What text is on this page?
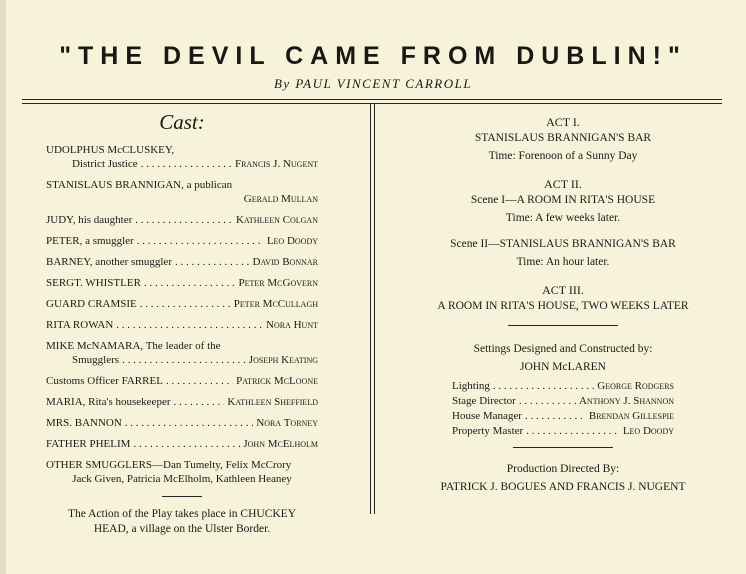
"THE DEVIL CAME FROM DUBLIN!"
By PAUL VINCENT CARROLL
Cast:
UDOLPHUS McCLUSKEY,
District Justice . . .	Francis J. Nugent
STANISLAUS BRANNIGAN, a publican
Gerald Mullan
JUDY, his daughter . . .	Kathleen Colgan
PETER, a smuggler . . .	Leo Doody
BARNEY, another smuggler . . .	David Bonnar
SERGT. WHISTLER . . .	Peter McGovern
GUARD CRAMSIE . . .	Peter McCullagh
RITA ROWAN . . .	Nora Hunt
MIKE McNAMARA, The leader of the
Smugglers . . .	Joseph Keating
Customs Officer FARREL . . .	Patrick McLoone
MARIA, Rita's housekeeper . . .	Kathleen Sheffield
MRS. BANNON . . .	Nora Torney
FATHER PHELIM . . .	John McElholm
OTHER SMUGGLERS—Dan Tumelty, Felix McCrory
Jack Given, Patricia McElholm, Kathleen Heaney
The Action of the Play takes place in CHUCKEY
HEAD, a village on the Ulster Border.
ACT I.
STANISLAUS BRANNIGAN'S BAR
Time: Forenoon of a Sunny Day
ACT II.
Scene I—A ROOM IN RITA'S HOUSE
Time: A few weeks later.
Scene II—STANISLAUS BRANNIGAN'S BAR
Time: An hour later.
ACT III.
A ROOM IN RITA'S HOUSE, TWO WEEKS LATER
Settings Designed and Constructed by:
JOHN McLAREN
Lighting . . .	George Rodgers
Stage Director . . .	Anthony J. Shannon
House Manager . . .	Brendan Gillespie
Property Master . . .	Leo Doody
Production Directed By:
PATRICK J. BOGUES AND FRANCIS J. NUGENT
